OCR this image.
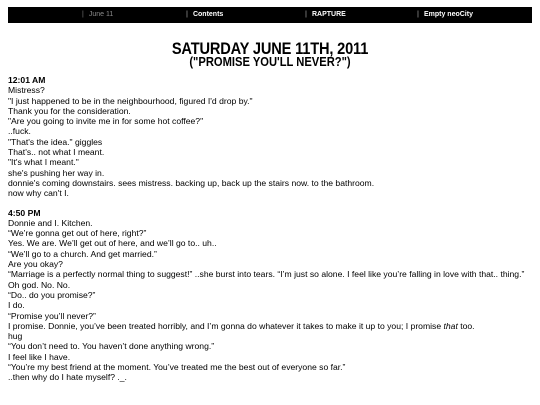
| June 11	| Contents	| RAPTURE	| Empty neoCity
SATURDAY JUNE 11TH, 2011
("PROMISE YOU'LL NEVER?")

12:01 AM

Mistress?

"I just happened to be in the neighbourhood, figured I'd drop by."

Thank you for the consideration.

"Are you going to invite me in for some hot coffee?"

..fuck.

"That's the idea." giggles

That's.. not what I meant.

"It's what I meant."

she's pushing her way in.

donnie's coming downstairs. sees mistress. backing up, back up the stairs now. to the bathroom.

now why can't I.

4:50 PM

Donnie and I. Kitchen.

“We’re gonna get out of here, right?”

Yes. We are. We’ll get out of here, and we’ll go to.. uh..

“We’ll go to a church. And get married.”

Are you okay?

“Marriage is a perfectly normal thing to suggest!” ..she burst into tears. “I’m just so alone. I feel like you’re falling in love with that.. thing.”

Oh god. No. No.

“Do.. do you promise?”

I do.

“Promise you’ll never?”

I promise. Donnie, you’ve been treated horribly, and I’m gonna do whatever it takes to make it up to you; I promise that too.

hug

“You don’t need to. You haven’t done anything wrong.”

I feel like I have.

“You’re my best friend at the moment. You’ve treated me the best out of everyone so far.”

..then why do I hate myself? ._.
